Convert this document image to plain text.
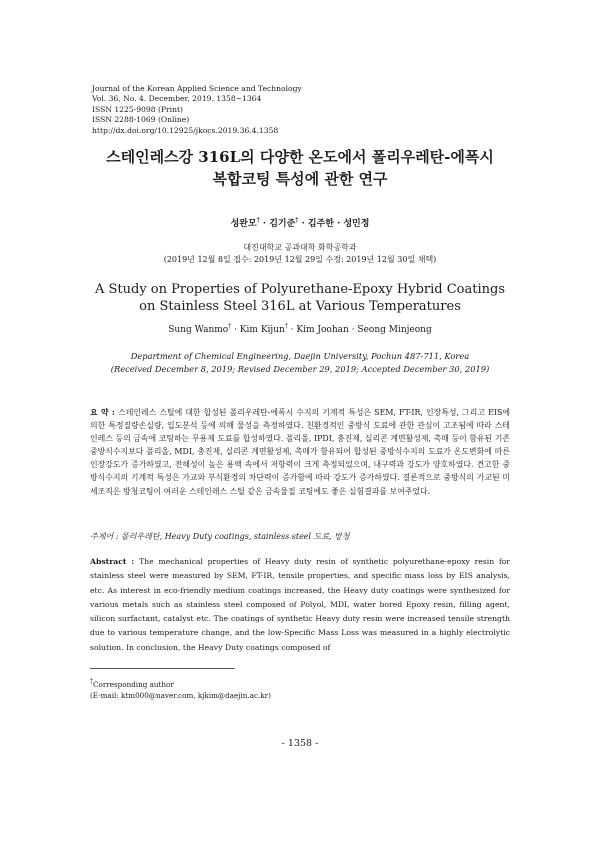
Journal of the Korean Applied Science and Technology
Vol. 36, No. 4. December, 2019. 1358~1364
ISSN 1225-9098 (Print)
ISSN 2288-1069 (Online)
http://dx.doi.org/10.12925/jkocs.2019.36.4.1358
스테인레스강 316L의 다양한 온도에서 폴리우레탄-에폭시
복합코팅 특성에 관한 연구
성완모† · 김기준† · 김주한 · 성민정
대진대학교 공과대학 화학공학과
(2019년 12월 8일 접수: 2019년 12월 29일 수정: 2019년 12월 30일 채택)
A Study on Properties of Polyurethane-Epoxy Hybrid Coatings
on Stainless Steel 316L at Various Temperatures
Sung Wanmo† · Kim Kijun† · Kim Joohan · Seong Minjeong
Department of Chemical Engineering, Daejin University, Pochun 487-711, Korea
(Received December 8, 2019; Revised December 29, 2019; Accepted December 30, 2019)
요 약 : 스테인레스 스틸에 대한 합성된 폴리우레탄-에폭시 수지의 기계적 특성은 SEM, FT-IR, 인장특성, 그리고 EIS에 의한 특정질량손실량, 입도분석 등에 의해 물성을 측정하였다. 친환경적인 중방식 도료에 관한 관심이 고조됨에 따라 스테인레스 등의 금속에 코팅하는 무용제 도료를 합성하였다. 폴리올, IPDI, 충진제, 실리콘 계면활성제, 촉매 등이 함유된 기존 중방식수지보다 폴리올, MDI, 충진제, 실리콘 계면활성제, 촉매가 함유되어 합성된 중방식수지의 도료가 온도변화에 따른 인장강도가 증가하였고, 전해성이 높은 용액 속에서 저항력이 크게 측정되었으며, 내구력과 강도가 양호하였다. 견고한 중방식수지의 기계적 특성은 가교와 부식환경의 차단력이 증가함에 따라 강도가 증가하였다. 결론적으로 중방식의 가교된 미세조직은 방청코팅이 여러운 스테인레스 스틸 같은 금속물질 코팅에도 좋은 실험결과를 보여주었다.
주제어 : 폴리우레탄, Heavy Duty coatings, stainless steel 도료, 방청
Abstract : The mechanical properties of Heavy duty resin of synthetic polyurethane-epoxy resin for stainless steel were measured by SEM, FT-IR, tensile properties, and specific mass loss by EIS analysis, etc. As interest in eco-friendly medium coatings increased, the Heavy duty coatings were synthesized for various metals such as stainless steel composed of Polyol, MDI, water bored Epoxy resin, filling agent, silicon surfactant, catalyst etc. The coatings of synthetic Heavy duty resin were increased tensile strength due to various temperature change, and the low-Specific Mass Loss was measured in a highly electrolytic solution. In conclusion, the Heavy Duty coatings composed of
†Corresponding author
(E-mail: ktm000@naver.com, kjkim@daejin.ac.kr)
- 1358 -
